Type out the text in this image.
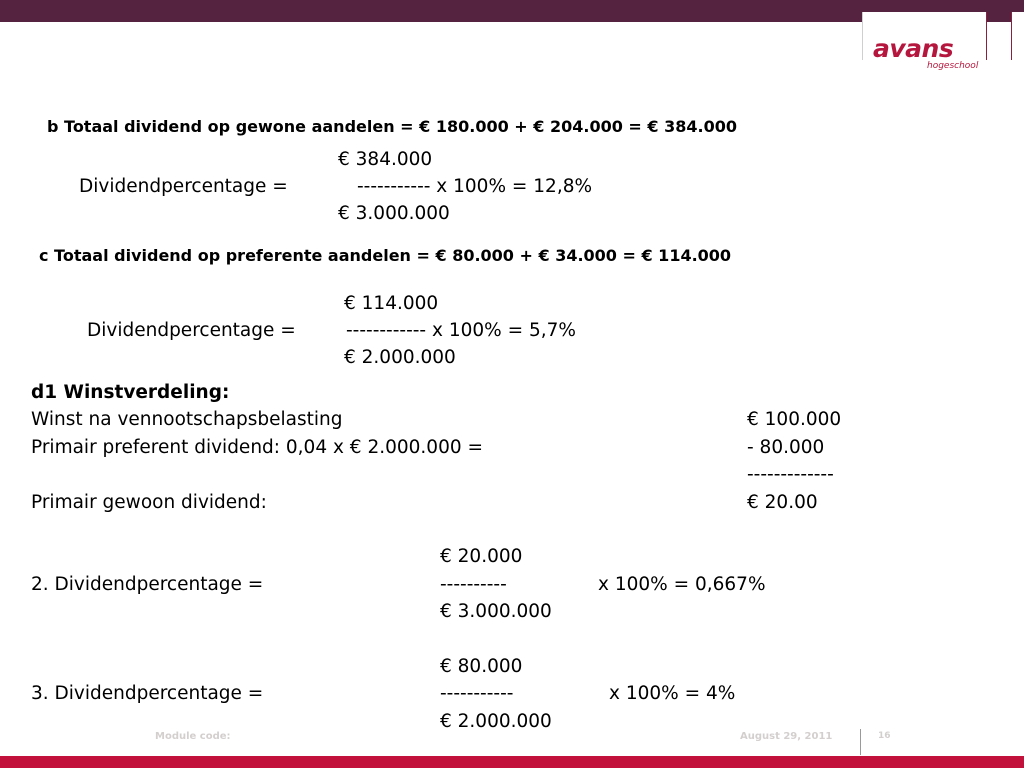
avans
hogeschool
b Totaal dividend op gewone aandelen = € 180.000 + € 204.000 = € 384.000
€ 384.000
Dividendpercentage =	----------- x 100% = 12,8%
€ 3.000.000
c Totaal dividend op preferente aandelen = € 80.000 + € 34.000 = € 114.000
€ 114.000
Dividendpercentage =	------------ x 100% = 5,7%
€ 2.000.000
d1 Winstverdeling:
Winst na vennootschapsbelasting	€ 100.000
Primair preferent dividend: 0,04 x € 2.000.000 =	- 80.000
-------------
Primair gewoon dividend:	€ 20.00
€ 20.000
2. Dividendpercentage =	----------	x 100% = 0,667%
€ 3.000.000
€ 80.000
3. Dividendpercentage =	-----------	x 100% = 4%
€ 2.000.000
Module code:	August 29, 2011	16
